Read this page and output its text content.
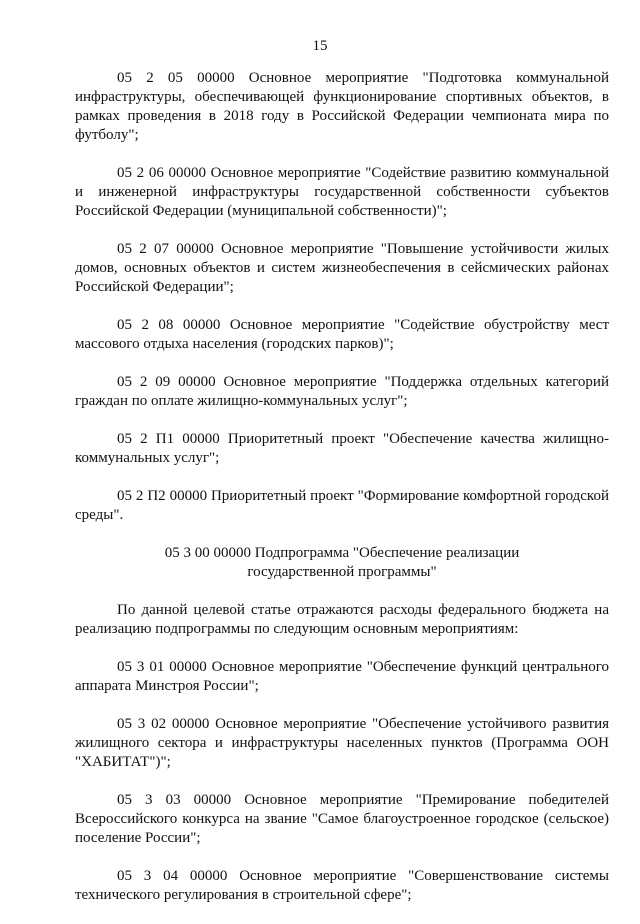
15

05 2 05 00000 Основное мероприятие "Подготовка коммунальной инфраструктуры, обеспечивающей функционирование спортивных объектов, в рамках проведения в 2018 году в Российской Федерации чемпионата мира по футболу";

05 2 06 00000 Основное мероприятие "Содействие развитию коммунальной и инженерной инфраструктуры государственной собственности субъектов Российской Федерации (муниципальной собственности)";

05 2 07 00000 Основное мероприятие "Повышение устойчивости жилых домов, основных объектов и систем жизнеобеспечения в сейсмических районах Российской Федерации";

05 2 08 00000 Основное мероприятие "Содействие обустройству мест массового отдыха населения (городских парков)";

05 2 09 00000 Основное мероприятие "Поддержка отдельных категорий граждан по оплате жилищно-коммунальных услуг";

05 2 П1 00000 Приоритетный проект "Обеспечение качества жилищно-коммунальных услуг";

05 2 П2 00000 Приоритетный проект "Формирование комфортной городской среды".

05 3 00 00000 Подпрограмма "Обеспечение реализации
государственной программы"

По данной целевой статье отражаются расходы федерального бюджета на реализацию подпрограммы по следующим основным мероприятиям:

05 3 01 00000 Основное мероприятие "Обеспечение функций центрального аппарата Минстроя России";

05 3 02 00000 Основное мероприятие "Обеспечение устойчивого развития жилищного сектора и инфраструктуры населенных пунктов (Программа ООН "ХАБИТАТ")";

05 3 03 00000 Основное мероприятие "Премирование победителей Всероссийского конкурса на звание "Самое благоустроенное городское (сельское) поселение России";

05 3 04 00000 Основное мероприятие "Совершенствование системы технического регулирования в строительной сфере";
